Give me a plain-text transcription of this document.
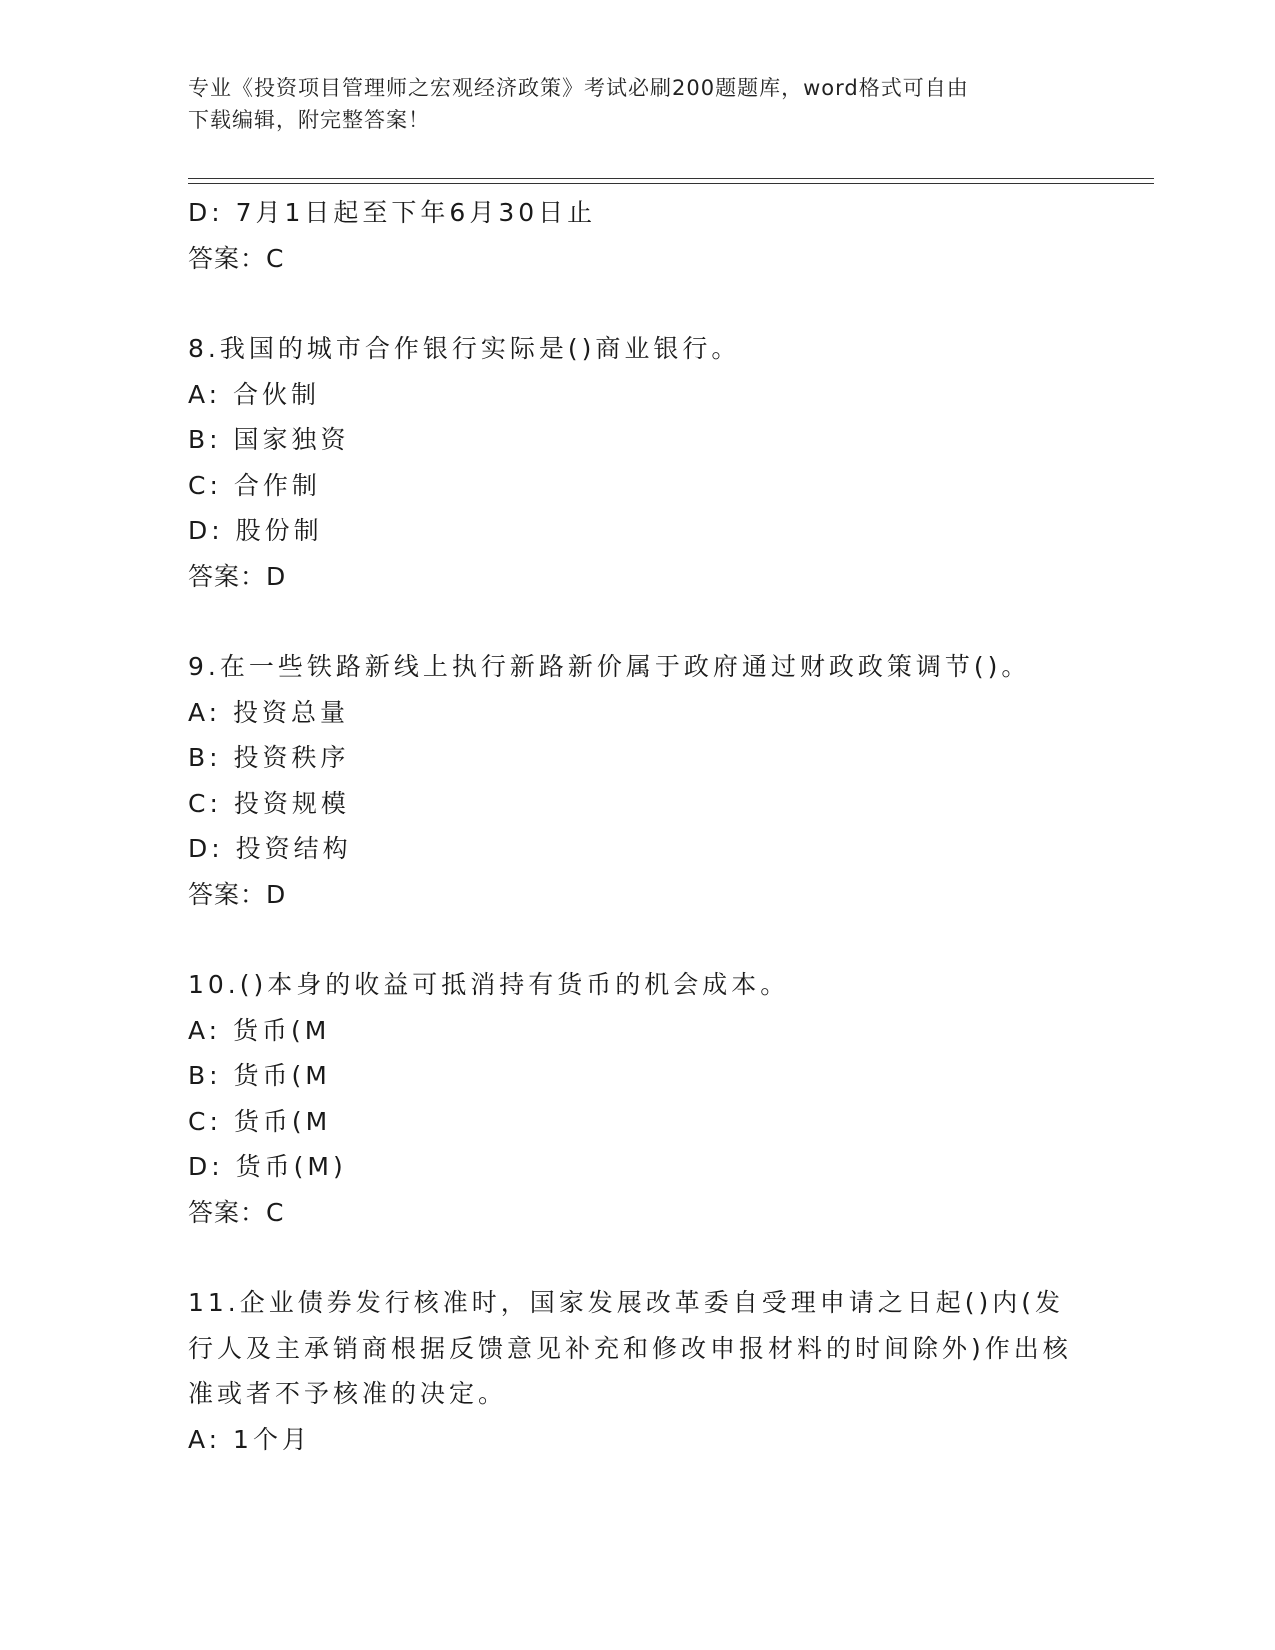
专业《投资项目管理师之宏观经济政策》考试必刷200题题库，word格式可自由
下载编辑，附完整答案！
D: 7月1日起至下年6月30日止
答案：C
8.我国的城市合作银行实际是()商业银行。
A: 合伙制
B: 国家独资
C: 合作制
D: 股份制
答案：D
9.在一些铁路新线上执行新路新价属于政府通过财政政策调节()。
A: 投资总量
B: 投资秩序
C: 投资规模
D: 投资结构
答案：D
10.()本身的收益可抵消持有货币的机会成本。
A: 货币(M
B: 货币(M
C: 货币(M
D: 货币(M)
答案：C
11.企业债券发行核准时，国家发展改革委自受理申请之日起()内(发
行人及主承销商根据反馈意见补充和修改申报材料的时间除外)作出核
准或者不予核准的决定。
A: 1个月
